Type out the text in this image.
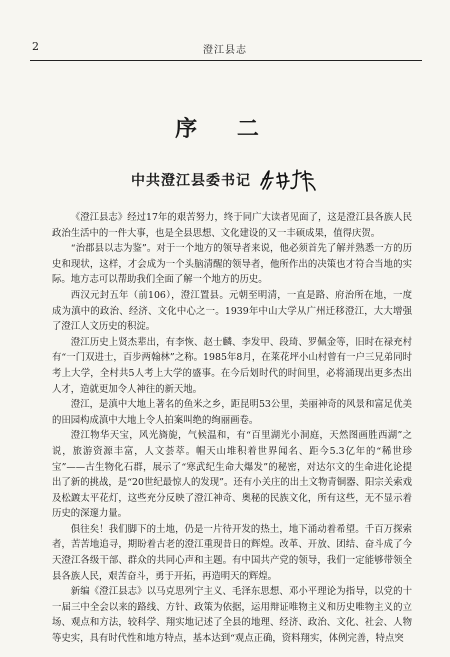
2	澄江县志
序 二
中共澄江县委书记

《澄江县志》经过17年的艰苦努力，终于同广大读者见面了，这是澄江县各族人民政治生活中的一件大事，也是全县思想、文化建设的又一丰硕成果，值得庆贺。

“治郡县以志为鉴”。对于一个地方的领导者来说，他必须首先了解并熟悉一方的历史和现状，这样，才会成为一个头脑清醒的领导者，他所作出的决策也才符合当地的实际。地方志可以帮助我们全面了解一个地方的历史。

西汉元封五年（前106），澄江置县。元朝至明清，一直是路、府治所在地，一度成为滇中的政治、经济、文化中心之一。1939年中山大学从广州迁移澄江，大大增强了澄江人文历史的积淀。

澄江历史上贤杰辈出，有李恢、赵士麟、李发甲、段琦、罗佩金等，旧时在禄充村有“一门双进士，百步两翰林”之称。1985年8月，在莱花坪小山村曾有一户三兄弟同时考上大学，全村共5人考上大学的盛事。在今后划时代的时间里，必将涌现出更多杰出人才，造就更加令人神往的新天地。

澄江，是滇中大地上著名的鱼米之乡，距昆明53公里，美丽神奇的风景和富足优美的田园构成滇中大地上令人拍案叫绝的绚丽画卷。

澄江物华天宝，风光旖旎，气候温和，有“百里湖光小洞庭，天然图画胜西湖”之说，旅游资源丰富，人文荟萃。帽天山堆积着世界闻名、距今5.3亿年的“稀世珍宝”——古生物化石群，展示了“寒武纪生命大爆发”的秘密，对达尔文的生命进化论提出了新的挑战，是“20世纪最惊人的发现”。还有小关庄的出土文物青铜器、阳宗关索戏及松踱太平花灯，这些充分反映了澄江神奇、奥秘的民族文化，所有这些，无不显示着历史的深邃力量。

俱往矣！我们脚下的土地，仍是一片待开发的热土，地下涌动着希望。千百万探索者，苦苦地追寻，期盼着古老的澄江重现昔日的辉煌。改革、开放、团结、奋斗成了今天澄江各级干部、群众的共同心声和主题。有中国共产党的领导，我们一定能够带领全县各族人民，艰苦奋斗，勇于开拓，再造明天的辉煌。

新编《澄江县志》以马克思列宁主义、毛泽东思想、邓小平理论为指导，以党的十一届三中全会以来的路线、方针、政策为依据，运用辩证唯物主义和历史唯物主义的立场、观点和方法，较科学、翔实地记述了全县的地理、经济、政治、文化、社会、人物等史实，具有时代性和地方特点，基本达到“观点正确，资料翔实，体例完善，特点突
